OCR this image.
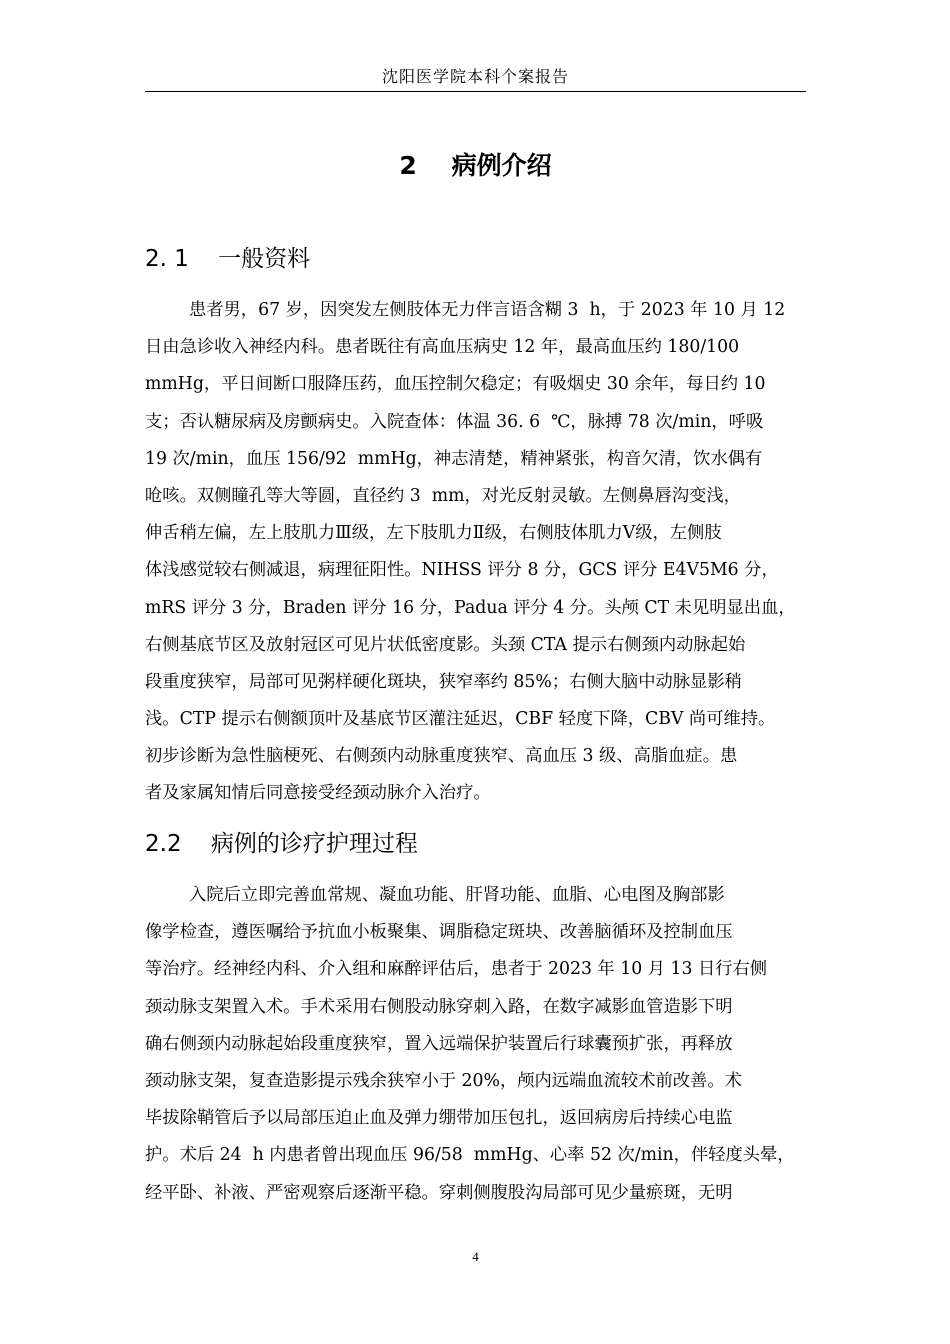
沈阳医学院本科个案报告
2    病例介绍
2. 1    一般资料
患者男，67 岁，因突发左侧肢体无力伴言语含糊 3  h，于 2023 年 10 月 12
日由急诊收入神经内科。患者既往有高血压病史 12 年，最高血压约 180/100
mmHg，平日间断口服降压药，血压控制欠稳定；有吸烟史 30 余年，每日约 10
支；否认糖尿病及房颤病史。入院查体：体温 36. 6  ℃，脉搏 78 次/min，呼吸
19 次/min，血压 156/92  mmHg，神志清楚，精神紧张，构音欠清，饮水偶有
呛咳。双侧瞳孔等大等圆，直径约 3  mm，对光反射灵敏。左侧鼻唇沟变浅，
伸舌稍左偏，左上肢肌力Ⅲ级，左下肢肌力Ⅱ级，右侧肢体肌力Ⅴ级，左侧肢
体浅感觉较右侧减退，病理征阳性。NIHSS 评分 8 分，GCS 评分 E4V5M6 分，
mRS 评分 3 分，Braden 评分 16 分，Padua 评分 4 分。头颅 CT 未见明显出血，
右侧基底节区及放射冠区可见片状低密度影。头颈 CTA 提示右侧颈内动脉起始
段重度狭窄，局部可见粥样硬化斑块，狭窄率约 85%；右侧大脑中动脉显影稍
浅。CTP 提示右侧额顶叶及基底节区灌注延迟，CBF 轻度下降，CBV 尚可维持。
初步诊断为急性脑梗死、右侧颈内动脉重度狭窄、高血压 3 级、高脂血症。患
者及家属知情后同意接受经颈动脉介入治疗。
2.2    病例的诊疗护理过程
入院后立即完善血常规、凝血功能、肝肾功能、血脂、心电图及胸部影
像学检查，遵医嘱给予抗血小板聚集、调脂稳定斑块、改善脑循环及控制血压
等治疗。经神经内科、介入组和麻醉评估后，患者于 2023 年 10 月 13 日行右侧
颈动脉支架置入术。手术采用右侧股动脉穿刺入路，在数字减影血管造影下明
确右侧颈内动脉起始段重度狭窄，置入远端保护装置后行球囊预扩张，再释放
颈动脉支架，复查造影提示残余狭窄小于 20%，颅内远端血流较术前改善。术
毕拔除鞘管后予以局部压迫止血及弹力绷带加压包扎，返回病房后持续心电监
护。术后 24  h 内患者曾出现血压 96/58  mmHg、心率 52 次/min，伴轻度头晕，
经平卧、补液、严密观察后逐渐平稳。穿刺侧腹股沟局部可见少量瘀斑，无明
4
